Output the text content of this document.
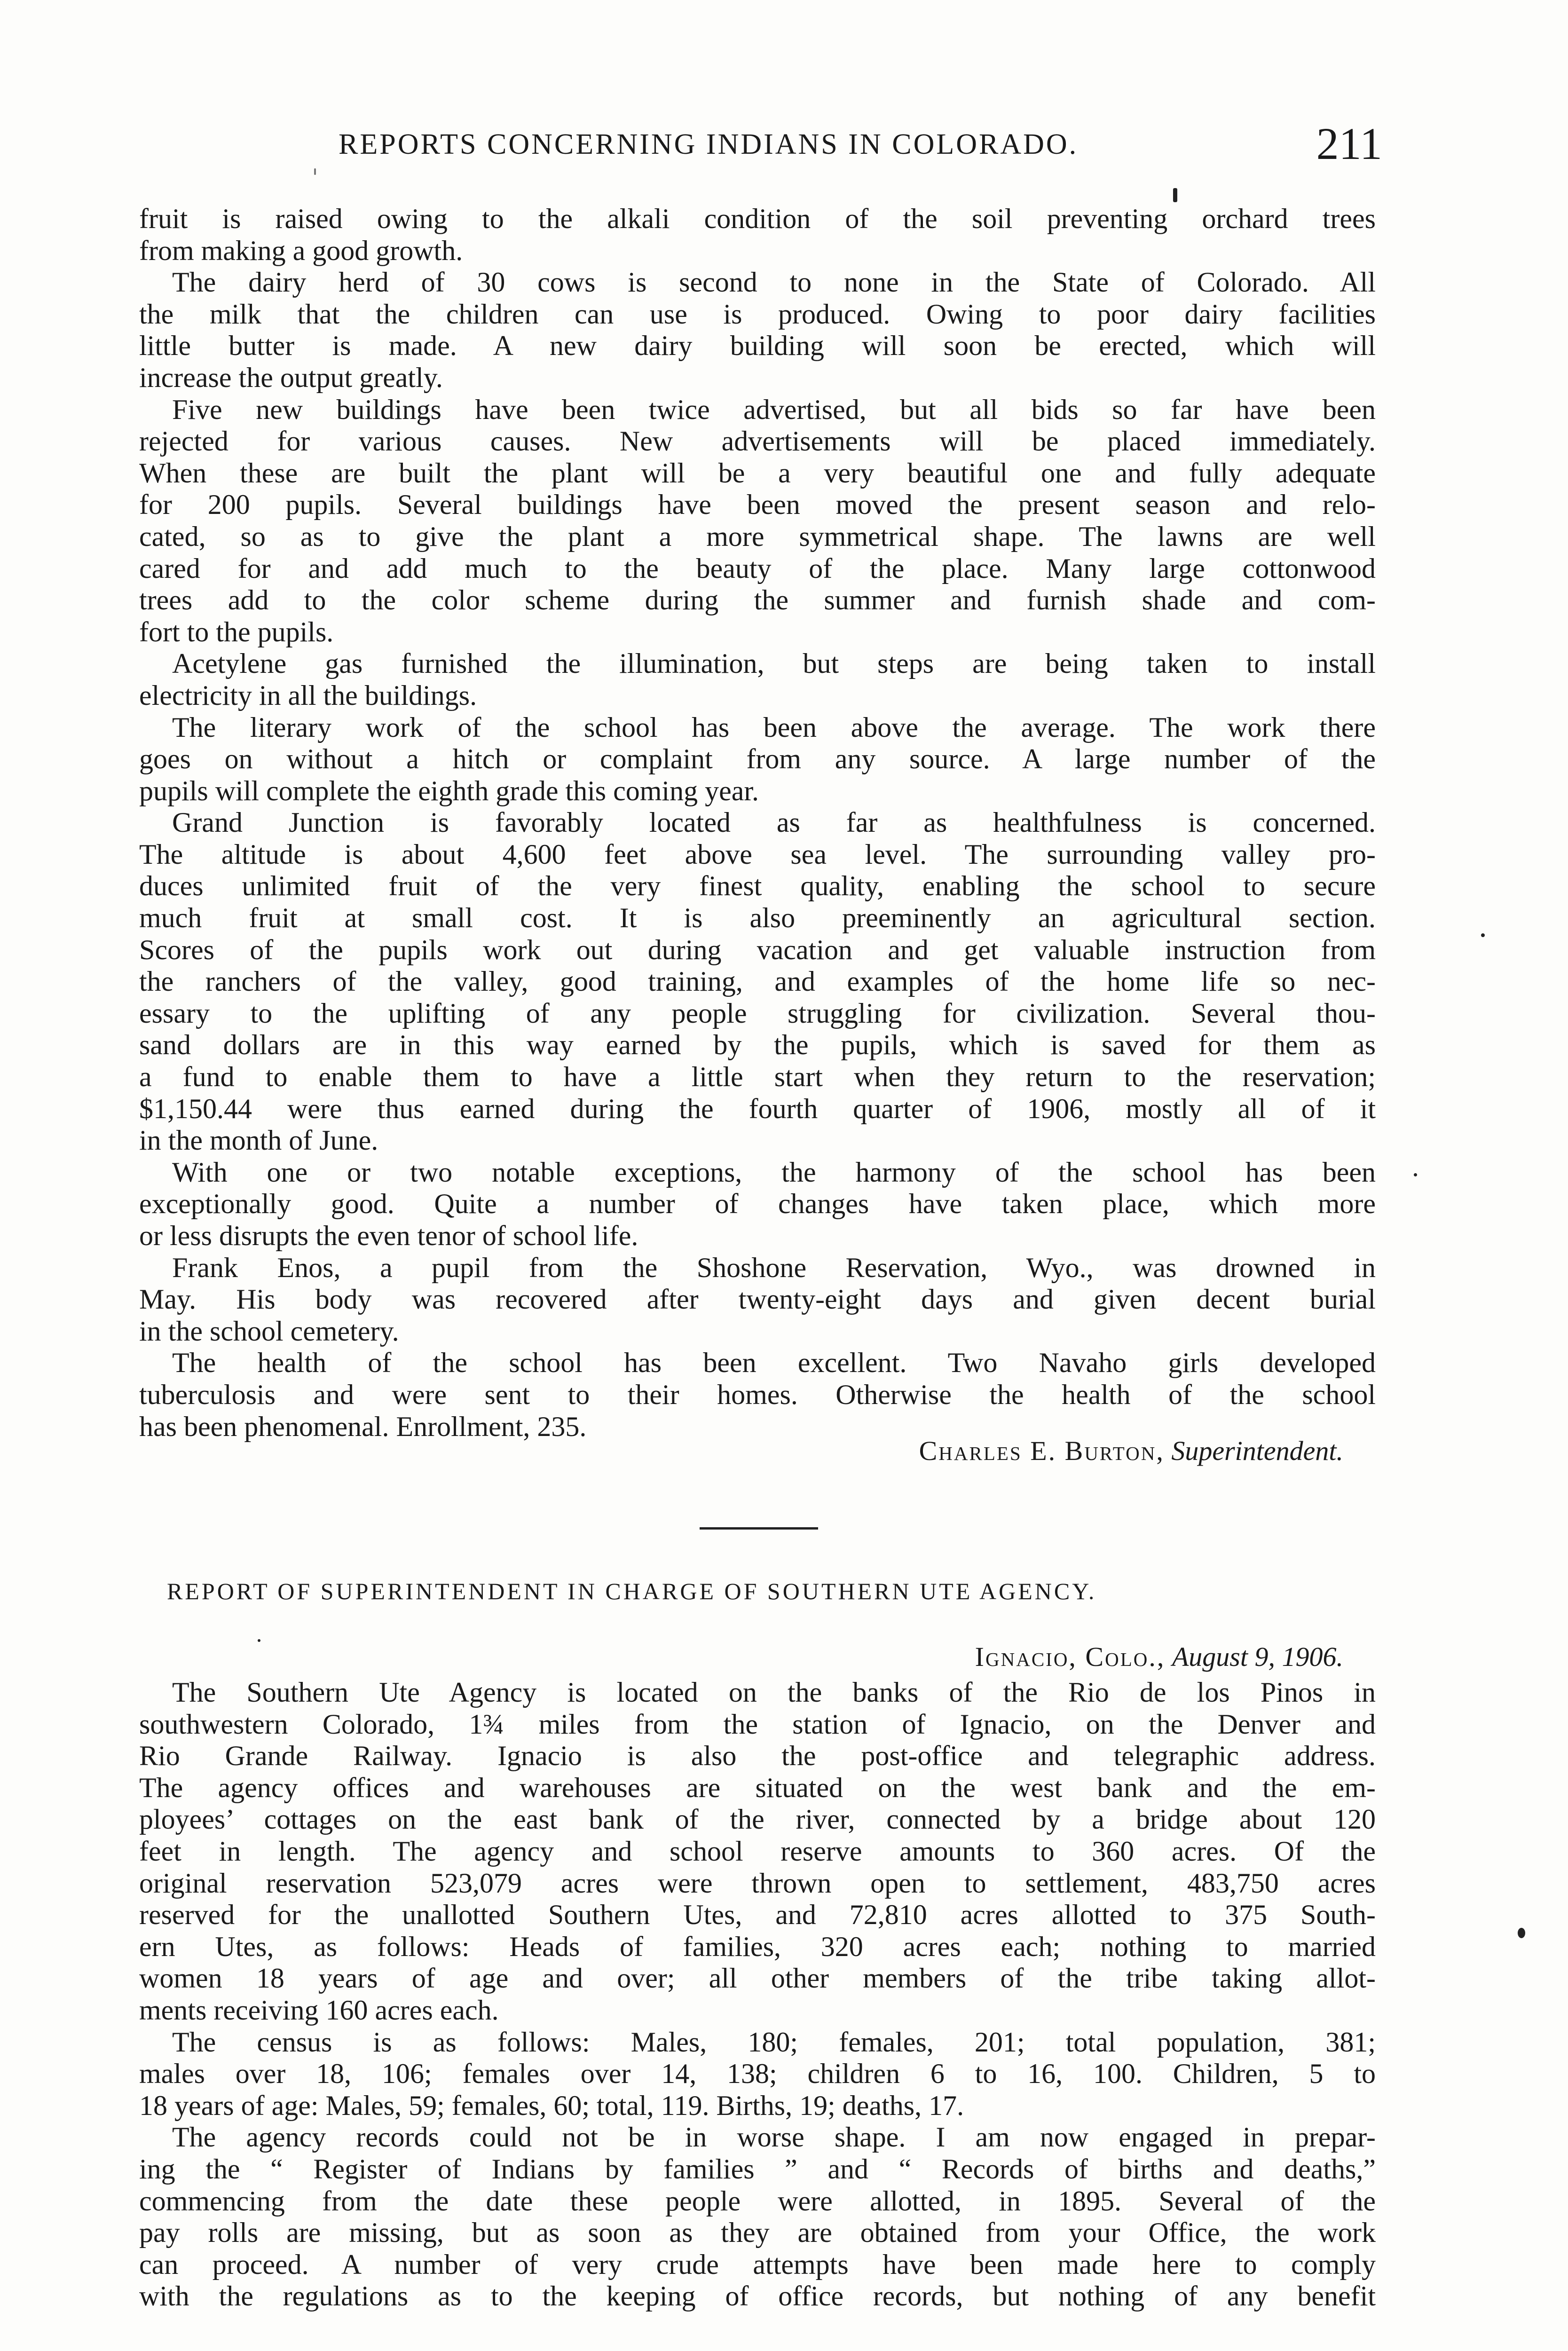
REPORTS CONCERNING INDIANS IN COLORADO.	211
fruit is raised owing to the alkali condition of the soil preventing orchard trees
from making a good growth.
The dairy herd of 30 cows is second to none in the State of Colorado. All
the milk that the children can use is produced. Owing to poor dairy facilities
little butter is made. A new dairy building will soon be erected, which will
increase the output greatly.
Five new buildings have been twice advertised, but all bids so far have been
rejected for various causes. New advertisements will be placed immediately.
When these are built the plant will be a very beautiful one and fully adequate
for 200 pupils. Several buildings have been moved the present season and relo-
cated, so as to give the plant a more symmetrical shape. The lawns are well
cared for and add much to the beauty of the place. Many large cottonwood
trees add to the color scheme during the summer and furnish shade and com-
fort to the pupils.
Acetylene gas furnished the illumination, but steps are being taken to install
electricity in all the buildings.
The literary work of the school has been above the average. The work there
goes on without a hitch or complaint from any source. A large number of the
pupils will complete the eighth grade this coming year.
Grand Junction is favorably located as far as healthfulness is concerned.
The altitude is about 4,600 feet above sea level. The surrounding valley pro-
duces unlimited fruit of the very finest quality, enabling the school to secure
much fruit at small cost. It is also preeminently an agricultural section.
Scores of the pupils work out during vacation and get valuable instruction from
the ranchers of the valley, good training, and examples of the home life so nec-
essary to the uplifting of any people struggling for civilization. Several thou-
sand dollars are in this way earned by the pupils, which is saved for them as
a fund to enable them to have a little start when they return to the reservation;
$1,150.44 were thus earned during the fourth quarter of 1906, mostly all of it
in the month of June.
With one or two notable exceptions, the harmony of the school has been
exceptionally good. Quite a number of changes have taken place, which more
or less disrupts the even tenor of school life.
Frank Enos, a pupil from the Shoshone Reservation, Wyo., was drowned in
May. His body was recovered after twenty-eight days and given decent burial
in the school cemetery.
The health of the school has been excellent. Two Navaho girls developed
tuberculosis and were sent to their homes. Otherwise the health of the school
has been phenomenal. Enrollment, 235.
Charles E. Burton, Superintendent.
REPORT OF SUPERINTENDENT IN CHARGE OF SOUTHERN UTE AGENCY.
Ignacio, Colo., August 9, 1906.
The Southern Ute Agency is located on the banks of the Rio de los Pinos in
southwestern Colorado, 1¾ miles from the station of Ignacio, on the Denver and
Rio Grande Railway. Ignacio is also the post-office and telegraphic address.
The agency offices and warehouses are situated on the west bank and the em-
ployees’ cottages on the east bank of the river, connected by a bridge about 120
feet in length. The agency and school reserve amounts to 360 acres. Of the
original reservation 523,079 acres were thrown open to settlement, 483,750 acres
reserved for the unallotted Southern Utes, and 72,810 acres allotted to 375 South-
ern Utes, as follows: Heads of families, 320 acres each; nothing to married
women 18 years of age and over; all other members of the tribe taking allot-
ments receiving 160 acres each.
The census is as follows: Males, 180; females, 201; total population, 381;
males over 18, 106; females over 14, 138; children 6 to 16, 100. Children, 5 to
18 years of age: Males, 59; females, 60; total, 119. Births, 19; deaths, 17.
The agency records could not be in worse shape. I am now engaged in prepar-
ing the “ Register of Indians by families ” and “ Records of births and deaths,”
commencing from the date these people were allotted, in 1895. Several of the
pay rolls are missing, but as soon as they are obtained from your Office, the work
can proceed. A number of very crude attempts have been made here to comply
with the regulations as to the keeping of office records, but nothing of any benefit
